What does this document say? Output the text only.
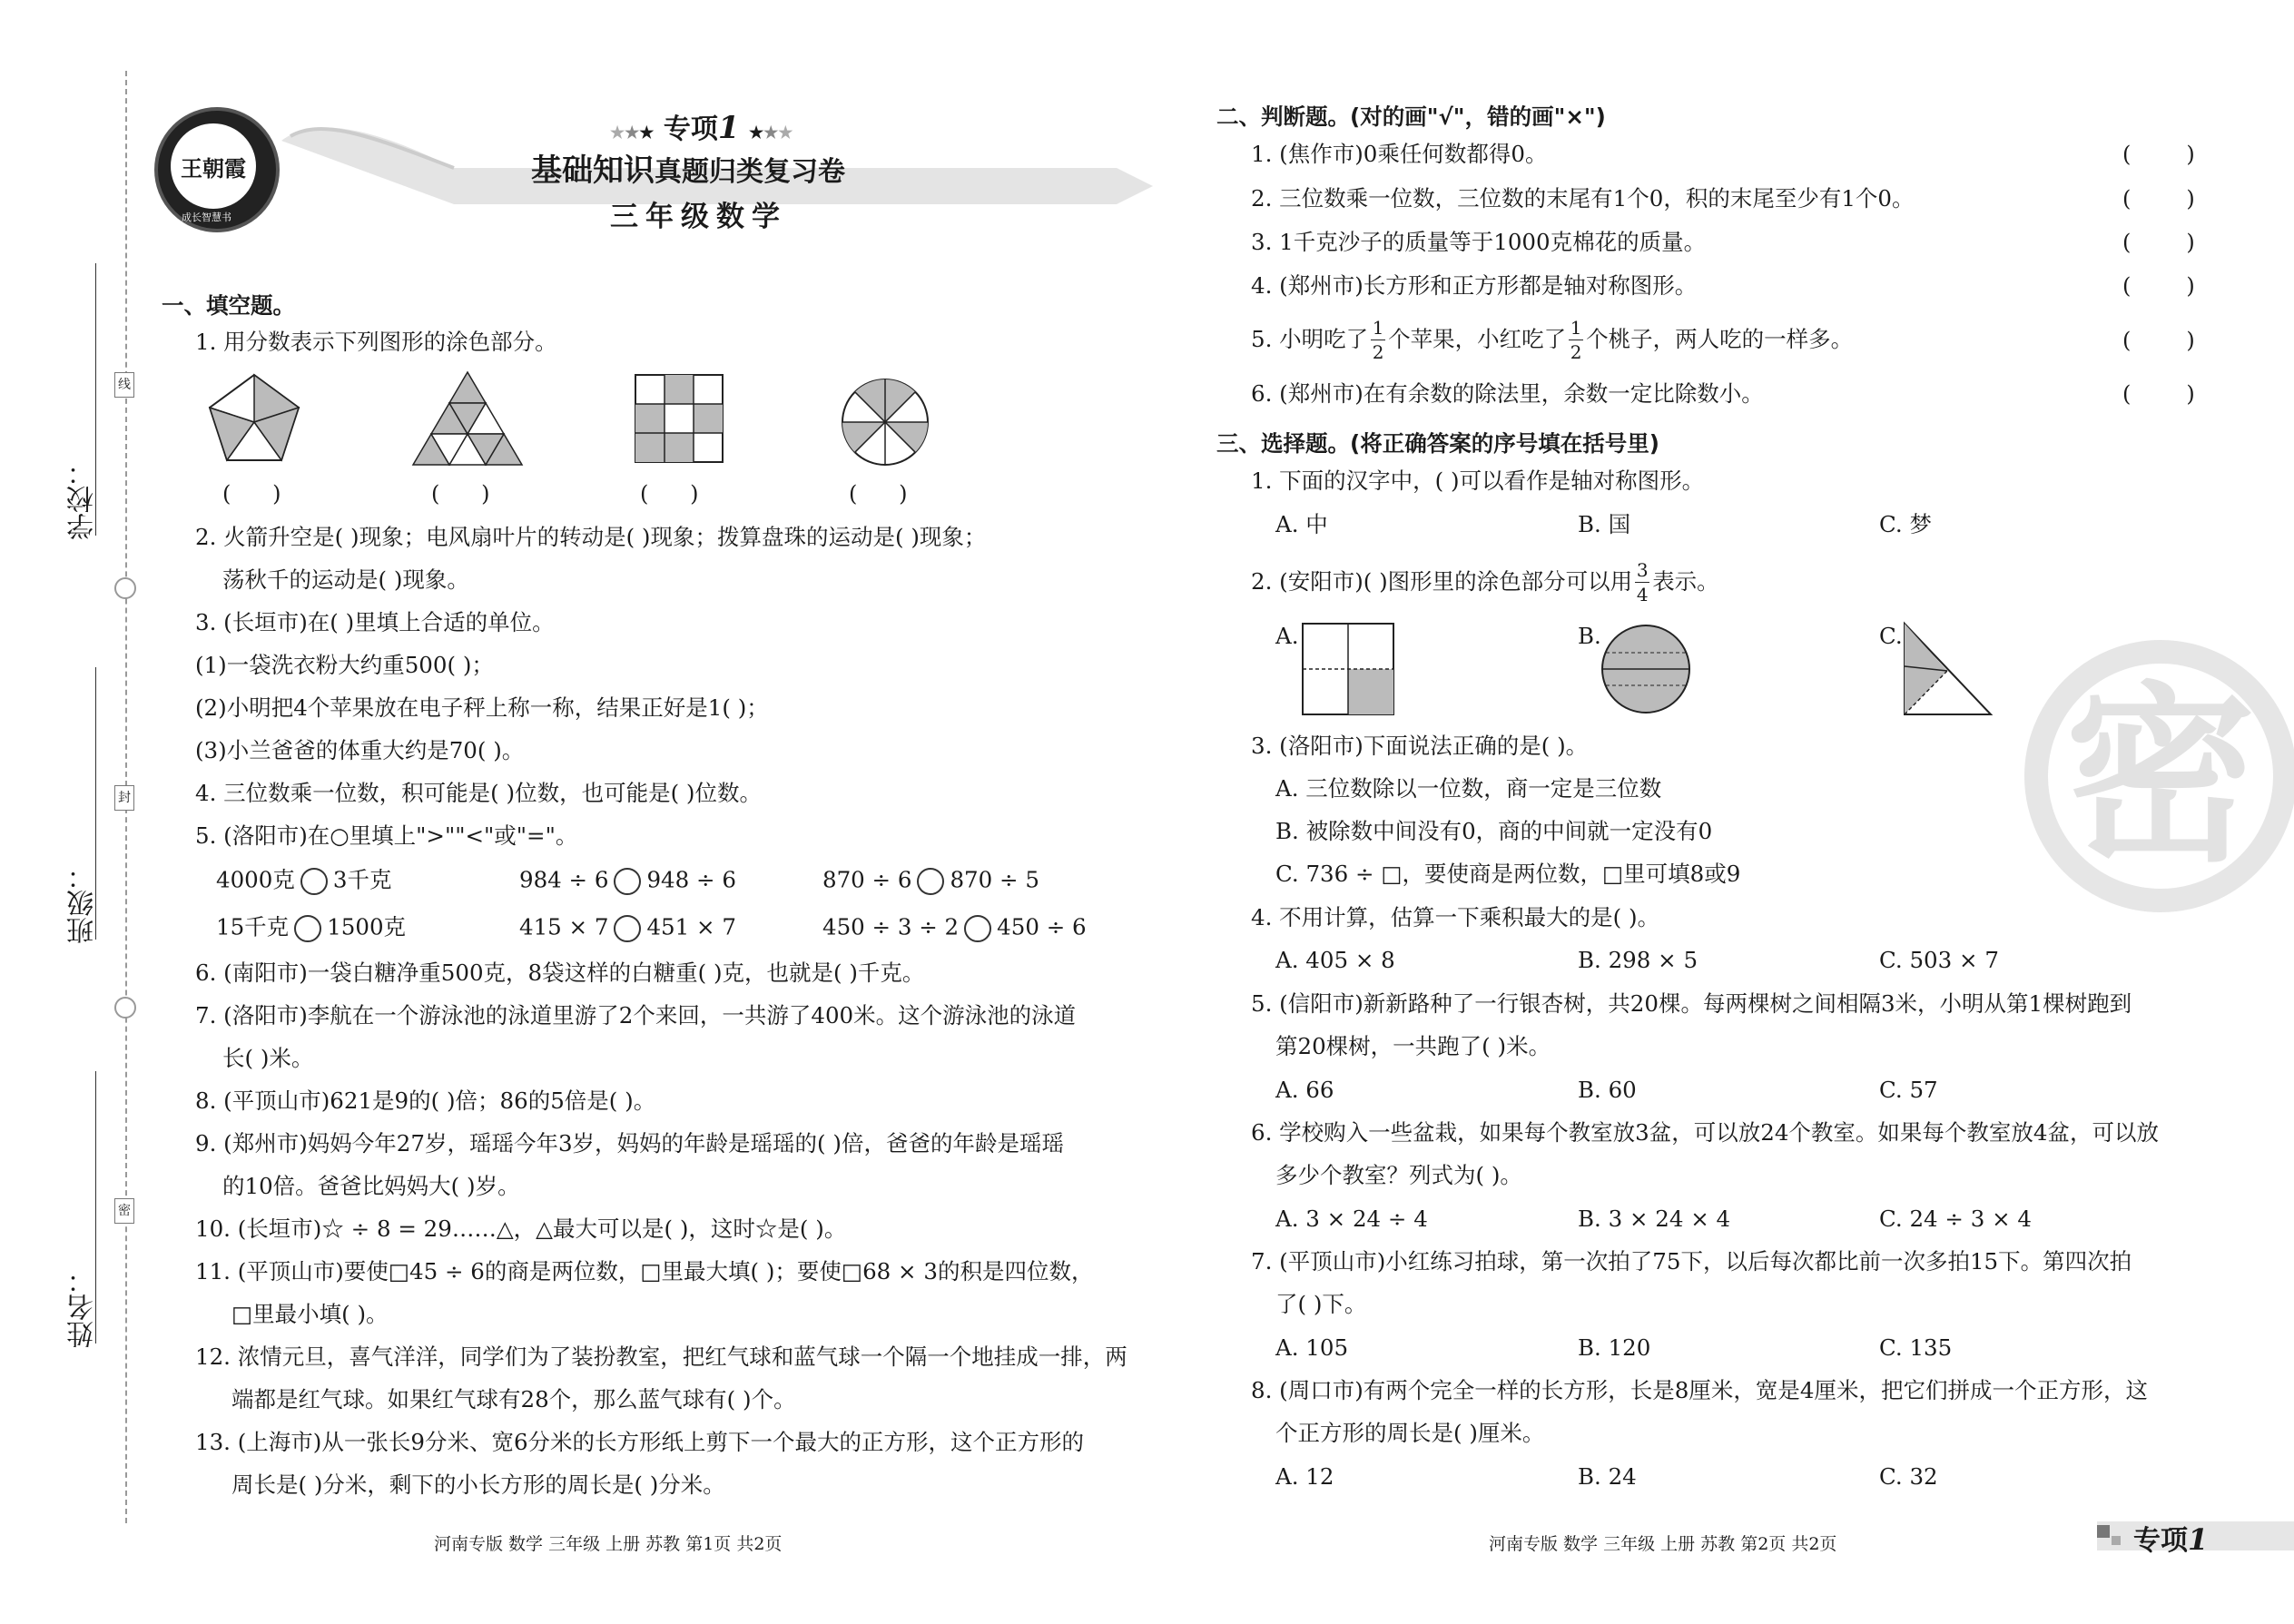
学校：
班级：
姓名：
线
封
密
王朝霞
成长智慧书
★★★ 专项1 ★★★
基础知识真题归类复习卷
三年级数学
一、填空题。
1. 用分数表示下列图形的涂色部分。
(      )	(      )	(      )	(      )
2. 火箭升空是( )现象；电风扇叶片的转动是( )现象；拨算盘珠的运动是( )现象；
荡秋千的运动是( )现象。
3. (长垣市)在( )里填上合适的单位。
(1)一袋洗衣粉大约重500( )；
(2)小明把4个苹果放在电子秤上称一称，结果正好是1( )；
(3)小兰爸爸的体重大约是70( )。
4. 三位数乘一位数，积可能是( )位数，也可能是( )位数。
5. (洛阳市)在○里填上">""<"或"="。
4000克 3千克	984 ÷ 6 948 ÷ 6	870 ÷ 6 870 ÷ 5
15千克 1500克	415 × 7 451 × 7	450 ÷ 3 ÷ 2 450 ÷ 6
6. (南阳市)一袋白糖净重500克，8袋这样的白糖重( )克，也就是( )千克。
7. (洛阳市)李航在一个游泳池的泳道里游了2个来回，一共游了400米。这个游泳池的泳道
长( )米。
8. (平顶山市)621是9的( )倍；86的5倍是( )。
9. (郑州市)妈妈今年27岁，瑶瑶今年3岁，妈妈的年龄是瑶瑶的( )倍，爸爸的年龄是瑶瑶
的10倍。爸爸比妈妈大( )岁。
10. (长垣市)☆ ÷ 8 = 29……△，△最大可以是( )，这时☆是( )。
11. (平顶山市)要使□45 ÷ 6的商是两位数，□里最大填( )；要使□68 × 3的积是四位数，
□里最小填( )。
12. 浓情元旦，喜气洋洋，同学们为了装扮教室，把红气球和蓝气球一个隔一个地挂成一排，两
端都是红气球。如果红气球有28个，那么蓝气球有( )个。
13. (上海市)从一张长9分米、宽6分米的长方形纸上剪下一个最大的正方形，这个正方形的
周长是( )分米，剩下的小长方形的周长是( )分米。
河南专版 数学 三年级 上册 苏教 第1页 共2页
密
二、判断题。(对的画"√"，错的画"×")
1. (焦作市)0乘任何数都得0。
2. 三位数乘一位数，三位数的末尾有1个0，积的末尾至少有1个0。
3. 1千克沙子的质量等于1000克棉花的质量。
4. (郑州市)长方形和正方形都是轴对称图形。
5. 小明吃了 $\frac{1}{2}$ 个苹果，小红吃了 $\frac{1}{2}$ 个桃子，两人吃的一样多。
6. (郑州市)在有余数的除法里，余数一定比除数小。
(        )
(        )
(        )
(        )
(        )
(        )
三、选择题。(将正确答案的序号填在括号里)
1. 下面的汉字中，( )可以看作是轴对称图形。
A. 中	B. 国	C. 梦
2. (安阳市)( )图形里的涂色部分可以用 $\frac{3}{4}$ 表示。
A.	B.	C.
3. (洛阳市)下面说法正确的是( )。
A. 三位数除以一位数，商一定是三位数
B. 被除数中间没有0，商的中间就一定没有0
C. 736 ÷ □，要使商是两位数，□里可填8或9
4. 不用计算，估算一下乘积最大的是( )。
A. 405 × 8	B. 298 × 5	C. 503 × 7
5. (信阳市)新新路种了一行银杏树，共20棵。每两棵树之间相隔3米，小明从第1棵树跑到
第20棵树，一共跑了( )米。
A. 66	B. 60	C. 57
6. 学校购入一些盆栽，如果每个教室放3盆，可以放24个教室。如果每个教室放4盆，可以放
多少个教室？列式为( )。
A. 3 × 24 ÷ 4	B. 3 × 24 × 4	C. 24 ÷ 3 × 4
7. (平顶山市)小红练习拍球，第一次拍了75下，以后每次都比前一次多拍15下。第四次拍
了( )下。
A. 105	B. 120	C. 135
8. (周口市)有两个完全一样的长方形，长是8厘米，宽是4厘米，把它们拼成一个正方形，这
个正方形的周长是( )厘米。
A. 12	B. 24	C. 32
河南专版 数学 三年级 上册 苏教 第2页 共2页	专项1
